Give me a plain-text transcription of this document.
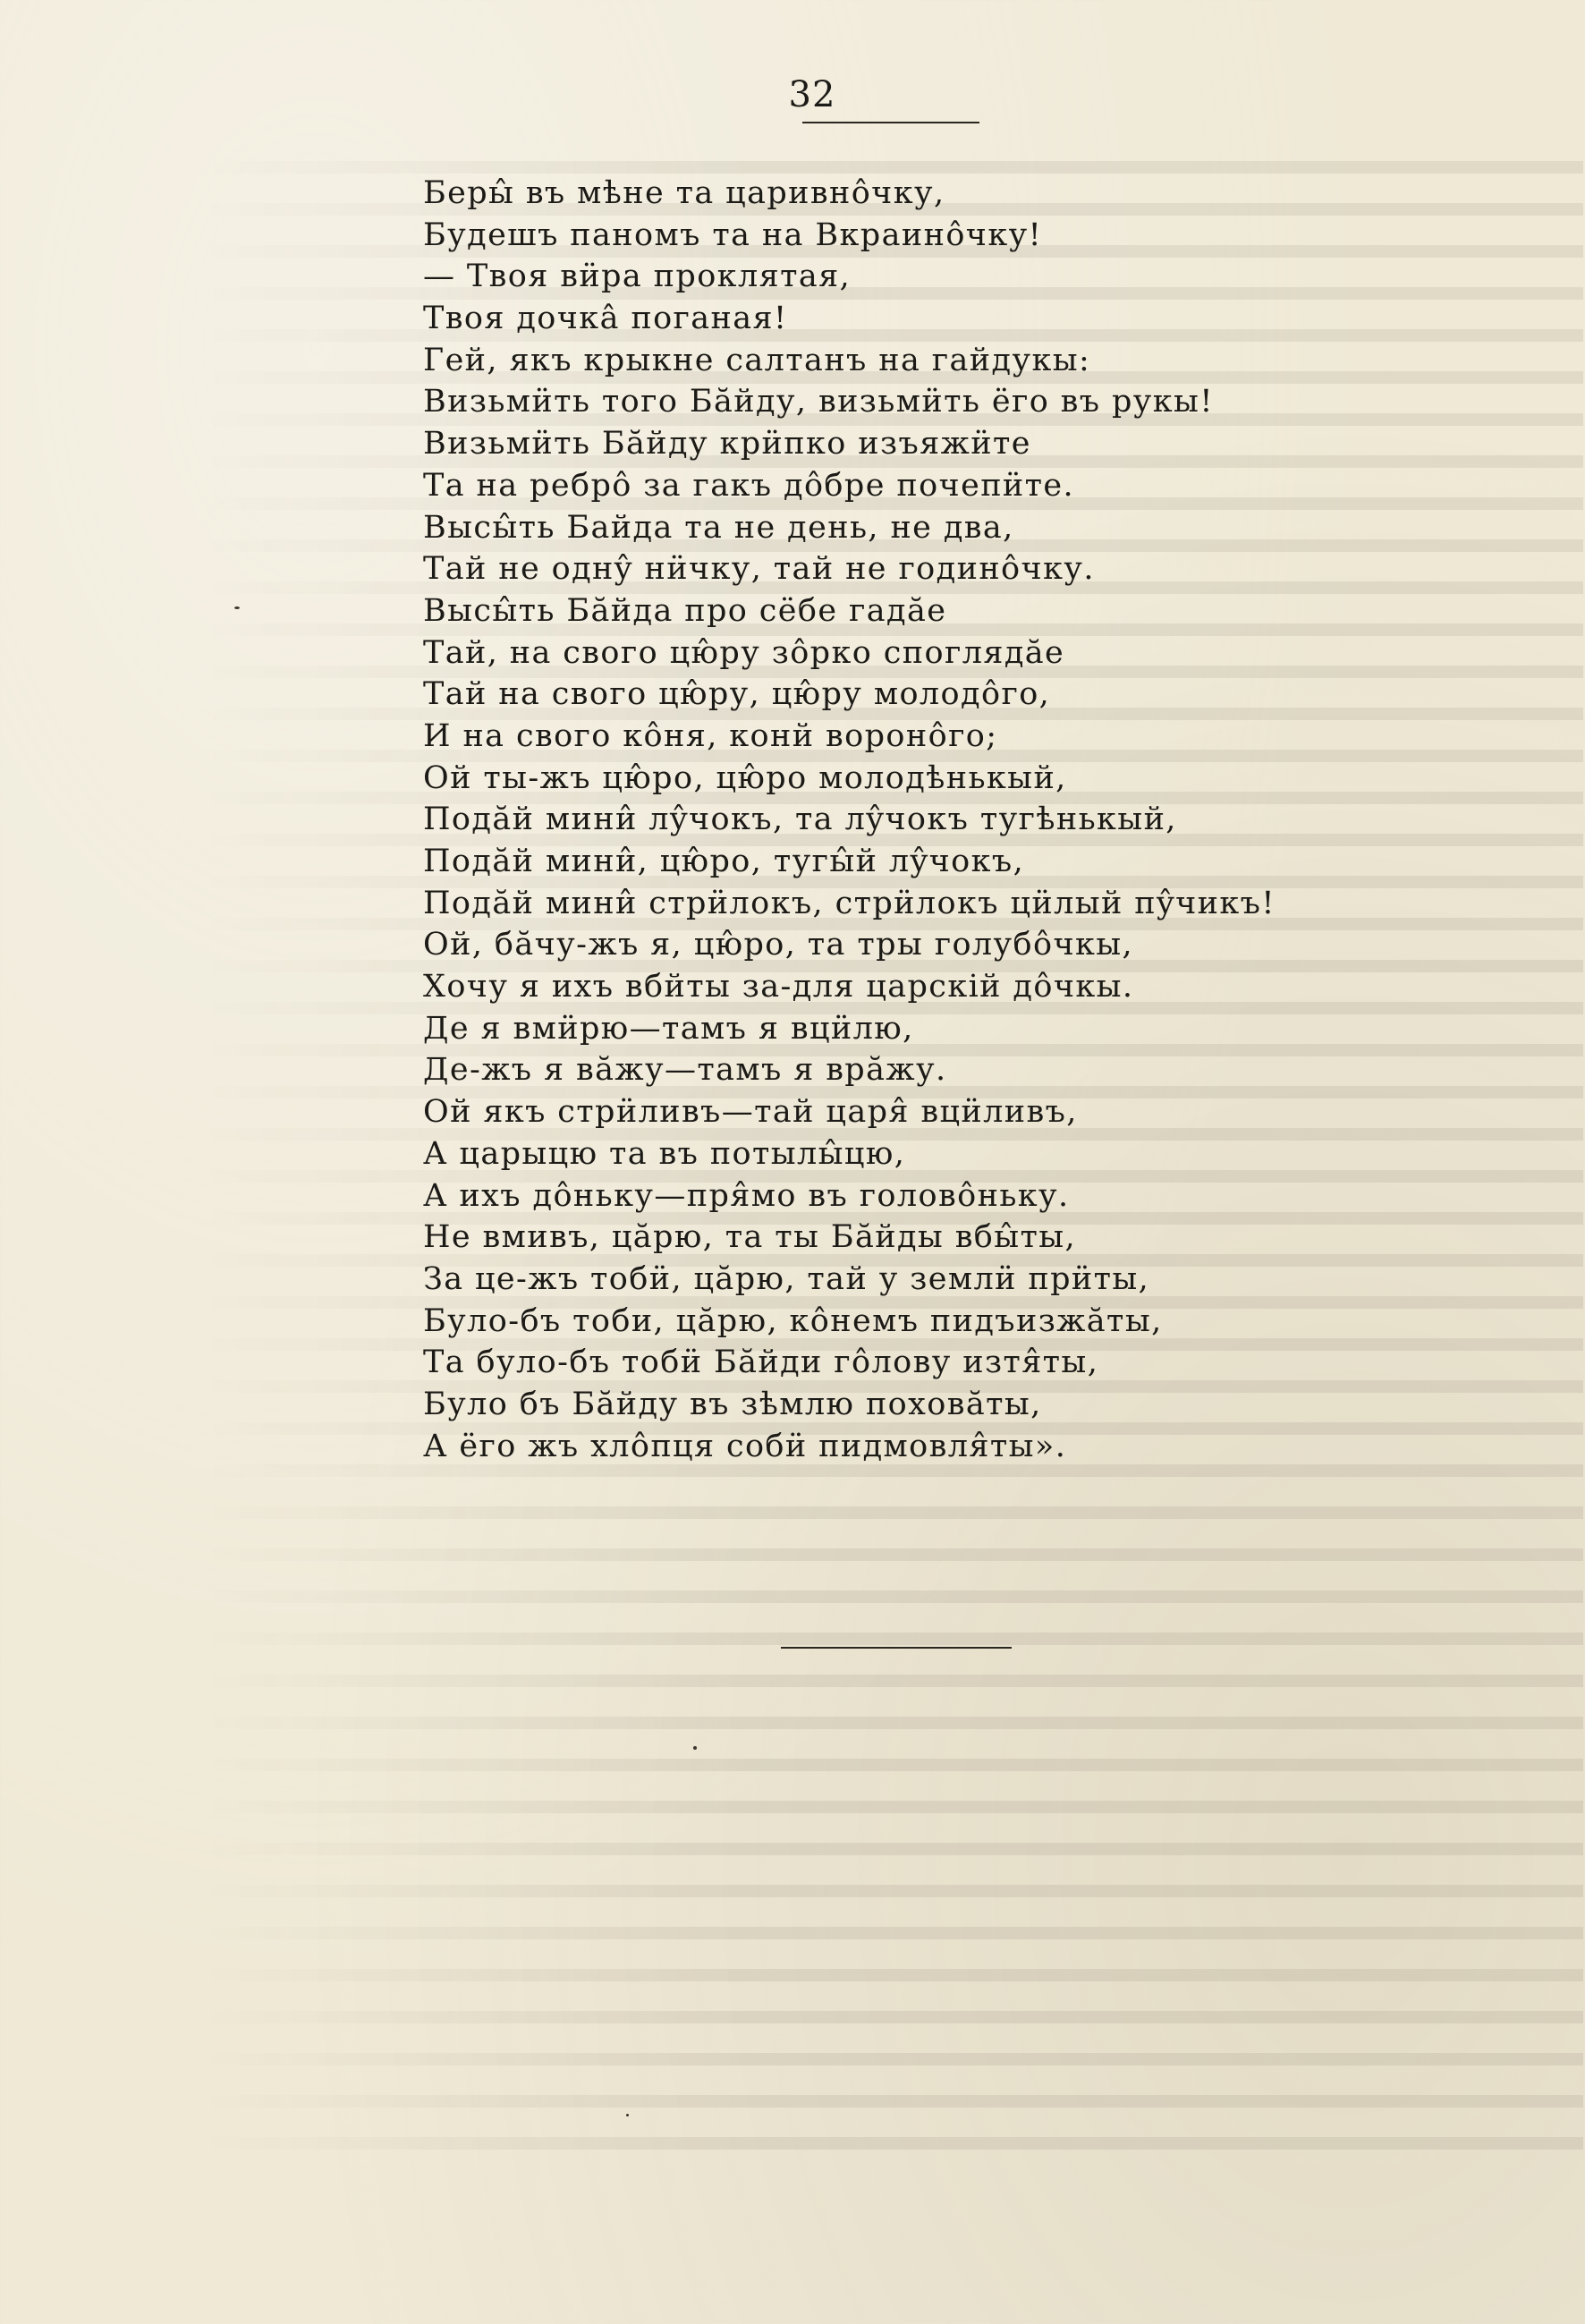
32
Беры̂ въ мѣне та царивнôчку,
Будешъ паномъ та на Вкраинôчку!
— Твоя вӥра проклятая,
Твоя дочкâ поганая!
Гей, якъ крыкне салтанъ на гайдукы:
Визьмӥть того Бăйду, визьмӥть ёго въ рукы!
Визьмӥть Бăйду крӥпко изъяжӥте
Та на ребрô за гакъ дôбре почепӥте.
Высы̂ть Байда та не день, не два,
Тай не однŷ нӥчку, тай не годинôчку.
Высы̂ть Бăйда про сёбе гадăе
Тай, на свого цю̂ру зôрко споглядăе
Тай на свого цю̂ру, цю̂ру молодôго,
И на свого кôня, конй воронôго;
Ой ты-жъ цю̂ро, цю̂ро молодѣнькый,
Подăй мини̂ лŷчокъ, та лŷчокъ тугѣнькый,
Подăй мини̂, цю̂ро, тугы̂й лŷчокъ,
Подăй мини̂ стрӥлокъ, стрӥлокъ цӥлый пŷчикъ!
Ой, бăчу-жъ я, цю̂ро, та тры голубôчкы,
Хочу я ихъ вбйты за-для царскій дôчкы.
Де я вмӥрю—тамъ я вцӥлю,
Де-жъ я вăжу—тамъ я врăжу.
Ой якъ стрӥливъ—тай царя̂ вцӥливъ,
А царыцю та въ потылы̂цю,
А ихъ дôньку—пря̂мо въ головôньку.
Не вмивъ, цăрю, та ты Бăйды вбы̂ты,
За це-жъ тобӥ, цăрю, тай у землӥ прӥты,
Було-бъ тоби, цăрю, кôнемъ пидъизжăты,
Та було-бъ тобӥ Бăйди гôлову изтя̂ты,
Було бъ Бăйду въ зѣмлю поховăты,
А ёго жъ хлôпця собӥ пидмовля̂ты».
